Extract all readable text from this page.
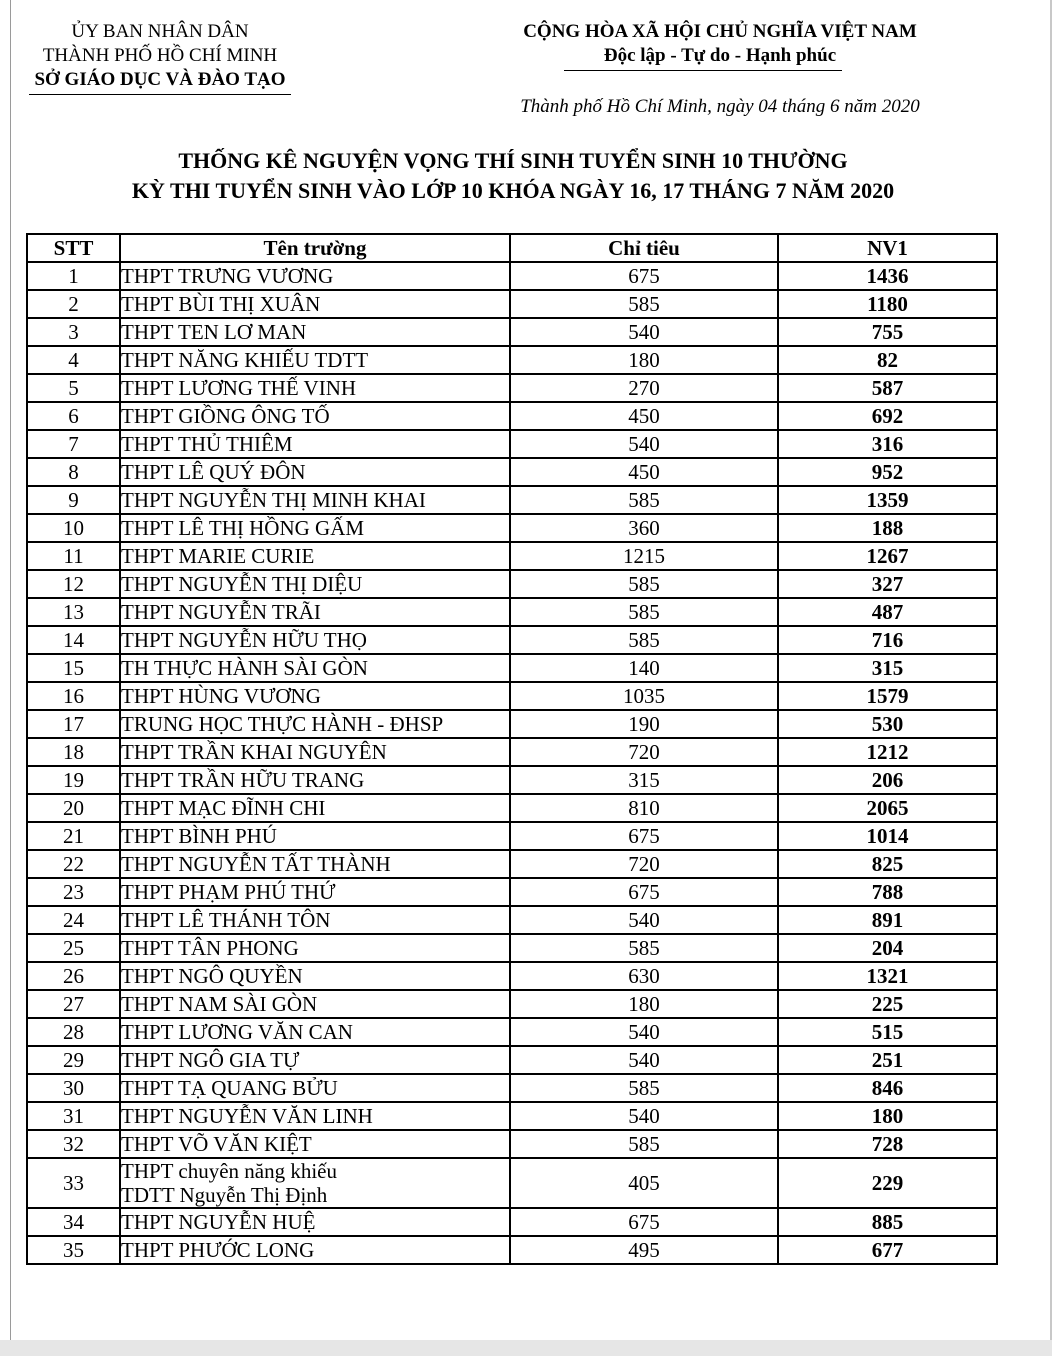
ỦY BAN NHÂN DÂN
THÀNH PHỐ HỒ CHÍ MINH
SỞ GIÁO DỤC VÀ ĐÀO TẠO
CỘNG HÒA XÃ HỘI CHỦ NGHĨA VIỆT NAM
Độc lập - Tự do - Hạnh phúc
Thành phố Hồ Chí Minh, ngày 04 tháng 6 năm 2020
THỐNG KÊ NGUYỆN VỌNG THÍ SINH TUYỂN SINH 10 THƯỜNG
KỲ THI TUYỂN SINH VÀO LỚP 10 KHÓA NGÀY 16, 17 THÁNG 7 NĂM 2020
STT	Tên trường	Chỉ tiêu	NV1
1	THPT TRƯNG VƯƠNG	675	1436
2	THPT BÙI THỊ XUÂN	585	1180
3	THPT TEN LƠ MAN	540	755
4	THPT NĂNG KHIẾU TDTT	180	82
5	THPT LƯƠNG THẾ VINH	270	587
6	THPT GIỒNG ÔNG TỐ	450	692
7	THPT THỦ THIÊM	540	316
8	THPT LÊ QUÝ ĐÔN	450	952
9	THPT NGUYỄN THỊ MINH KHAI	585	1359
10	THPT LÊ THỊ HỒNG GẤM	360	188
11	THPT MARIE CURIE	1215	1267
12	THPT NGUYỄN THỊ DIỆU	585	327
13	THPT NGUYỄN TRÃI	585	487
14	THPT NGUYỄN HỮU THỌ	585	716
15	TH THỰC HÀNH SÀI GÒN	140	315
16	THPT HÙNG VƯƠNG	1035	1579
17	TRUNG HỌC THỰC HÀNH - ĐHSP	190	530
18	THPT TRẦN KHAI NGUYÊN	720	1212
19	THPT TRẦN HỮU TRANG	315	206
20	THPT MẠC ĐĨNH CHI	810	2065
21	THPT BÌNH PHÚ	675	1014
22	THPT NGUYỄN TẤT THÀNH	720	825
23	THPT PHẠM PHÚ THỨ	675	788
24	THPT LÊ THÁNH TÔN	540	891
25	THPT TÂN PHONG	585	204
26	THPT NGÔ QUYỀN	630	1321
27	THPT NAM SÀI GÒN	180	225
28	THPT LƯƠNG VĂN CAN	540	515
29	THPT NGÔ GIA TỰ	540	251
30	THPT TẠ QUANG BỬU	585	846
31	THPT NGUYỄN VĂN LINH	540	180
32	THPT VÕ VĂN KIỆT	585	728
33	THPT chuyên năng khiếu
TDTT Nguyễn Thị Định	405	229
34	THPT NGUYỄN HUỆ	675	885
35	THPT PHƯỚC LONG	495	677
